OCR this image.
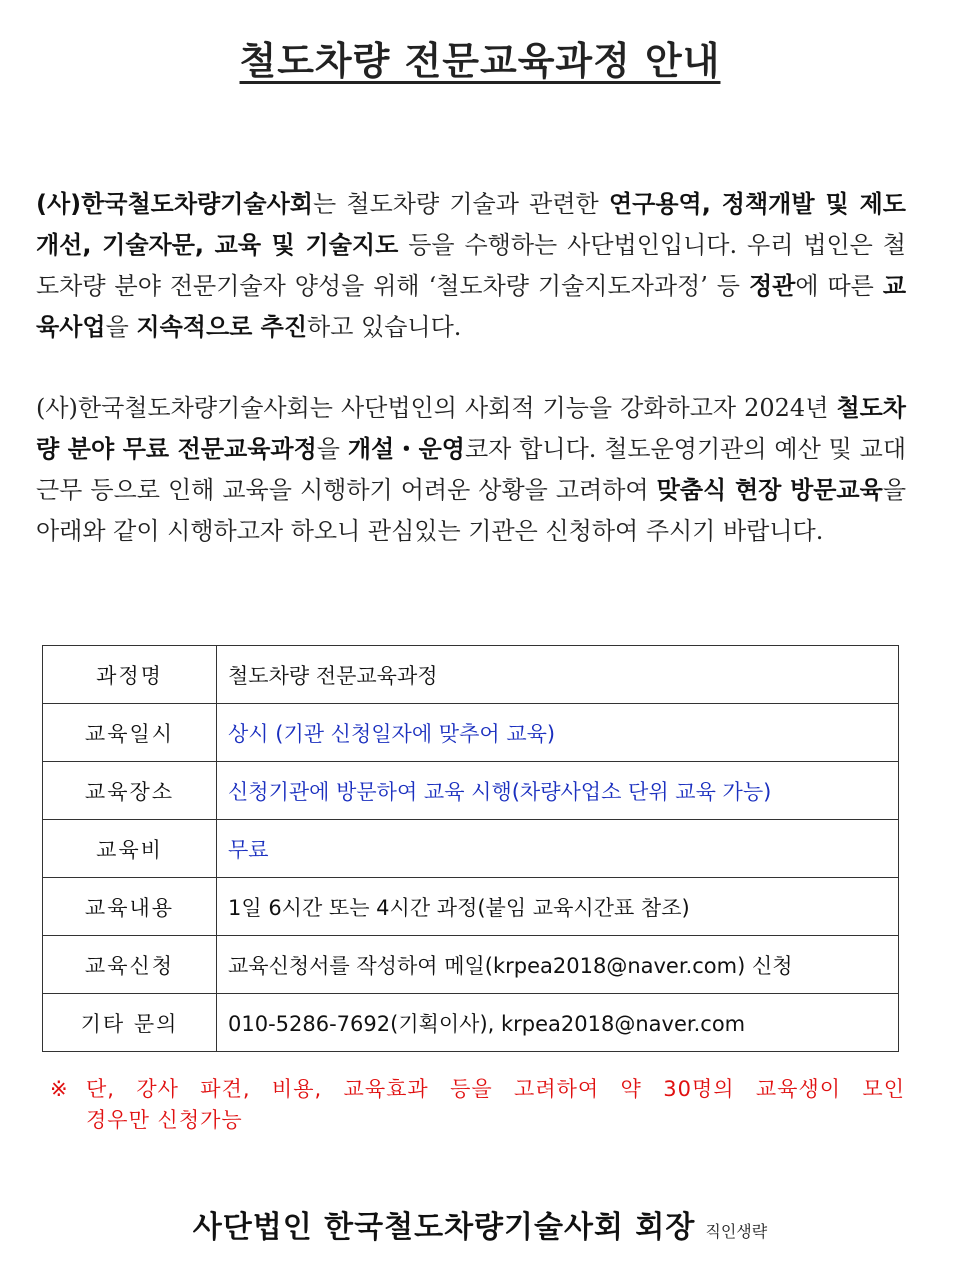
철도차량 전문교육과정 안내
(사)한국철도차량기술사회는 철도차량 기술과 관련한 연구용역, 정책개발 및 제도 개선, 기술자문, 교육 및 기술지도 등을 수행하는 사단법인입니다. 우리 법인은 철도차량 분야 전문기술자 양성을 위해 ‘철도차량 기술지도자과정’ 등 정관에 따른 교육사업을 지속적으로 추진하고 있습니다.
(사)한국철도차량기술사회는 사단법인의 사회적 기능을 강화하고자 2024년 철도차량 분야 무료 전문교육과정을 개설・운영코자 합니다. 철도운영기관의 예산 및 교대근무 등으로 인해 교육을 시행하기 어려운 상황을 고려하여 맞춤식 현장 방문교육을 아래와 같이 시행하고자 하오니 관심있는 기관은 신청하여 주시기 바랍니다.
과정명	철도차량 전문교육과정
교육일시	상시 (기관 신청일자에 맞추어 교육)
교육장소	신청기관에 방문하여 교육 시행(차량사업소 단위 교육 가능)
교육비	무료
교육내용	1일 6시간 또는 4시간 과정(붙임 교육시간표 참조)
교육신청	교육신청서를 작성하여 메일(krpea2018@naver.com) 신청
기타 문의	010-5286-7692(기획이사), krpea2018@naver.com
※ 단, 강사 파견, 비용, 교육효과 등을 고려하여 약 30명의 교육생이 모인
경우만 신청가능
사단법인 한국철도차량기술사회 회장 직인생략
